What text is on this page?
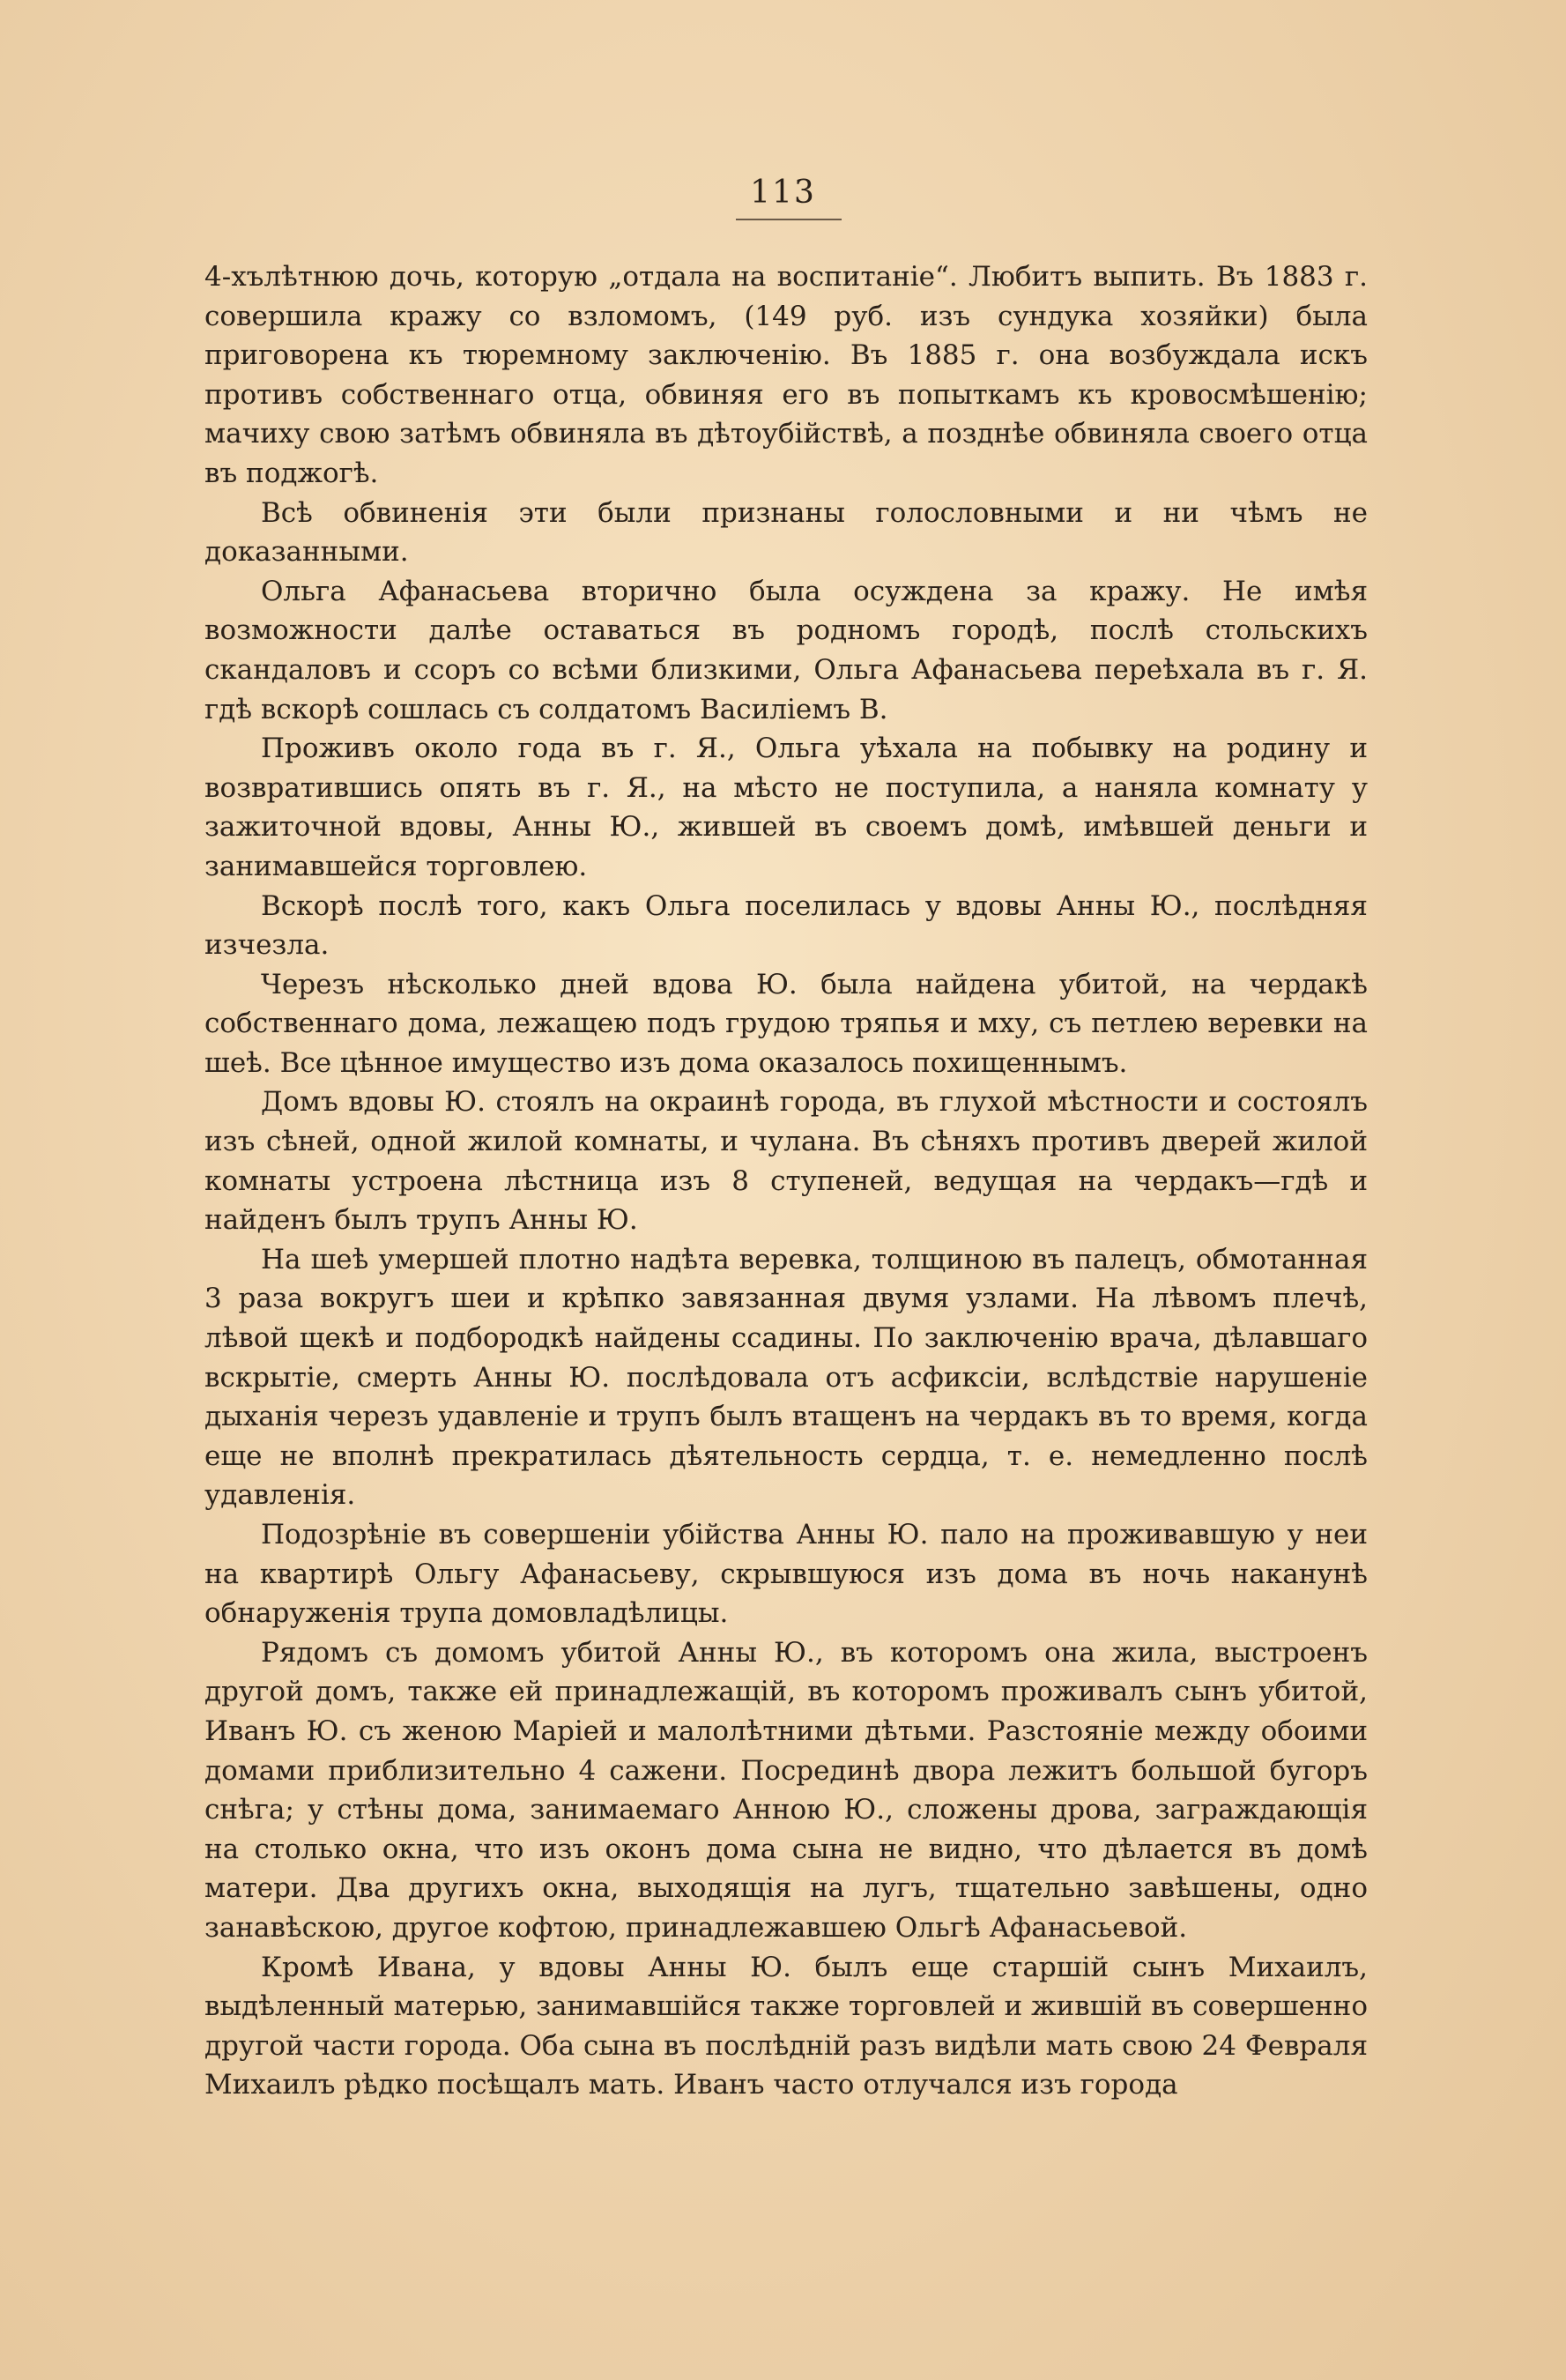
113

4-хълѣтнюю дочь, которую „отдала на воспитаніе“. Любитъ выпить. Въ 1883 г. совершила кражу со взломомъ, (149 руб. изъ сундука хозяйки) была приговорена къ тюремному заключенію. Въ 1885 г. она возбуждала искъ противъ собственнаго отца, обвиняя его въ попыткамъ къ кровосмѣшенію; мачиху свою затѣмъ обвиняла въ дѣтоубійствѣ, а позднѣе обвиняла своего отца въ поджогѣ.

Всѣ обвиненія эти были признаны голословными и ни чѣмъ не доказанными.

Ольга Афанасьева вторично была осуждена за кражу. Не имѣя возможности далѣе оставаться въ родномъ городѣ, послѣ стольскихъ скандаловъ и ссоръ со всѣми близкими, Ольга Афанасьева переѣхала въ г. Я. гдѣ вскорѣ сошлась съ солдатомъ Василіемъ В.

Проживъ около года въ г. Я., Ольга уѣхала на побывку на родину и возвратившись опять въ г. Я., на мѣсто не поступила, а наняла комнату у зажиточной вдовы, Анны Ю., жившей въ своемъ домѣ, имѣвшей деньги и занимавшейся торговлею.

Вскорѣ послѣ того, какъ Ольга поселилась у вдовы Анны Ю., послѣдняя изчезла.

Черезъ нѣсколько дней вдова Ю. была найдена убитой, на чердакѣ собственнаго дома, лежащею подъ грудою тряпья и мху, съ петлею веревки на шеѣ. Все цѣнное имущество изъ дома оказалось похищеннымъ.

Домъ вдовы Ю. стоялъ на окраинѣ города, въ глухой мѣстности и состоялъ изъ сѣней, одной жилой комнаты, и чулана. Въ сѣняхъ противъ дверей жилой комнаты устроена лѣстница изъ 8 ступеней, ведущая на чердакъ—гдѣ и найденъ былъ трупъ Анны Ю.

На шеѣ умершей плотно надѣта веревка, толщиною въ палецъ, обмотанная 3 раза вокругъ шеи и крѣпко завязанная двумя узлами. На лѣвомъ плечѣ, лѣвой щекѣ и подбородкѣ найдены ссадины. По заключенію врача, дѣлавшаго вскрытіе, смерть Анны Ю. послѣдовала отъ асфиксіи, вслѣдствіе нарушеніе дыханія черезъ удавленіе и трупъ былъ втащенъ на чердакъ въ то время, когда еще не вполнѣ прекратилась дѣятельность сердца, т. е. немедленно послѣ удавленія.

Подозрѣніе въ совершеніи убійства Анны Ю. пало на проживавшую у неи на квартирѣ Ольгу Афанасьеву, скрывшуюся изъ дома въ ночь наканунѣ обнаруженія трупа домовладѣлицы.

Рядомъ съ домомъ убитой Анны Ю., въ которомъ она жила, выстроенъ другой домъ, также ей принадлежащій, въ которомъ проживалъ сынъ убитой, Иванъ Ю. съ женою Маріей и малолѣтними дѣтьми. Разстояніе между обоими домами приблизительно 4 сажени. Посрединѣ двора лежитъ большой бугоръ снѣга; у стѣны дома, занимаемаго Анною Ю., сложены дрова, заграждающія на столько окна, что изъ оконъ дома сына не видно, что дѣлается въ домѣ матери. Два другихъ окна, выходящія на лугъ, тщательно завѣшены, одно занавѣскою, другое кофтою, принадлежавшею Ольгѣ Афанасьевой.

Кромѣ Ивана, у вдовы Анны Ю. былъ еще старшій сынъ Михаилъ, выдѣленный матерью, занимавшійся также торговлей и жившій въ совершенно другой части города. Оба сына въ послѣдній разъ видѣли мать свою 24 Февраля Михаилъ рѣдко посѣщалъ мать. Иванъ часто отлучался изъ города
